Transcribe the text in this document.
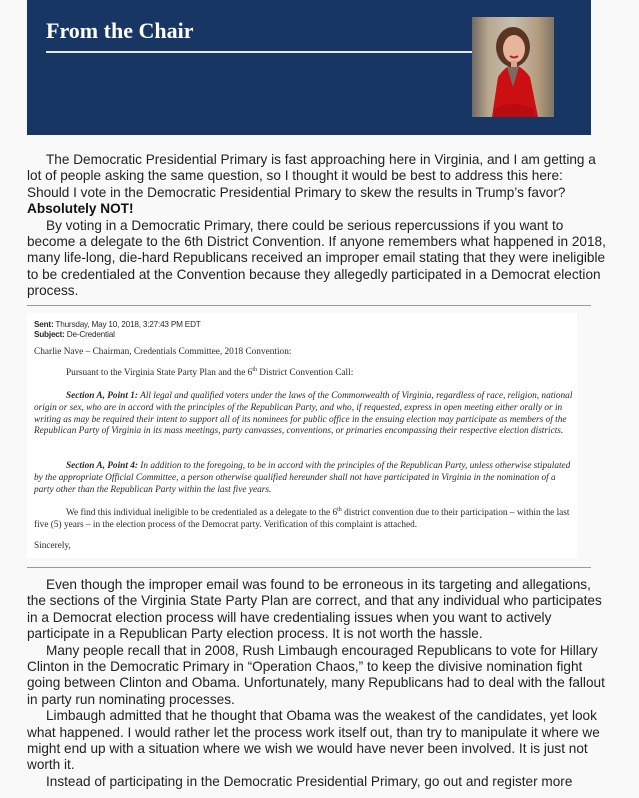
From the Chair

The Democratic Presidential Primary is fast approaching here in Virginia, and I am getting a lot of people asking the same question, so I thought it would be best to address this here: Should I vote in the Democratic Presidential Primary to skew the results in Trump’s favor?  Absolutely NOT!

By voting in a Democratic Primary, there could be serious repercussions if you want to become a delegate to the 6th District Convention. If anyone remembers what happened in 2018, many life-long, die-hard Republicans received an improper email stating that they were ineligible to be credentialed at the Convention because they allegedly participated in a Democrat election process.

Sent: Thursday, May 10, 2018, 3:27:43 PM EDT
Subject: De-Credential
Charlie Nave – Chairman, Credentials Committee, 2018 Convention:
Pursuant to the Virginia State Party Plan and the 6th District Convention Call:
Section A, Point 1: All legal and qualified voters under the laws of the Commonwealth of Virginia, regardless of race, religion, national origin or sex, who are in accord with the principles of the Republican Party, and who, if requested, express in open meeting either orally or in writing as may be required their intent to support all of its nominees for public office in the ensuing election may participate as members of the Republican Party of Virginia in its mass meetings, party canvasses, conventions, or primaries encompassing their respective election districts.
Section A, Point 4: In addition to the foregoing, to be in accord with the principles of the Republican Party, unless otherwise stipulated by the appropriate Official Committee, a person otherwise qualified hereunder shall not have participated in Virginia in the nomination of a party other than the Republican Party within the last five years.
We find this individual ineligible to be credentialed as a delegate to the 6th district convention due to their participation – within the last five (5) years – in the election process of the Democrat party. Verification of this complaint is attached.
Sincerely,

Even though the improper email was found to be erroneous in its targeting and allegations, the sections of the Virginia State Party Plan are correct, and that any individual who participates in a Democrat election process will have credentialing issues when you want to actively participate in a Republican Party election process. It is not worth the hassle.

Many people recall that in 2008, Rush Limbaugh encouraged Republicans to vote for Hillary Clinton in the Democratic Primary in “Operation Chaos,” to keep the divisive nomination fight going between Clinton and Obama. Unfortunately, many Republicans had to deal with the fallout in party run nominating processes.

Limbaugh admitted that he thought that Obama was the weakest of the candidates, yet look what happened. I would rather let the process work itself out, than try to manipulate it where we might end up with a situation where we wish we would have never been involved. It is just not worth it.

Instead of participating in the Democratic Presidential Primary, go out and register more
